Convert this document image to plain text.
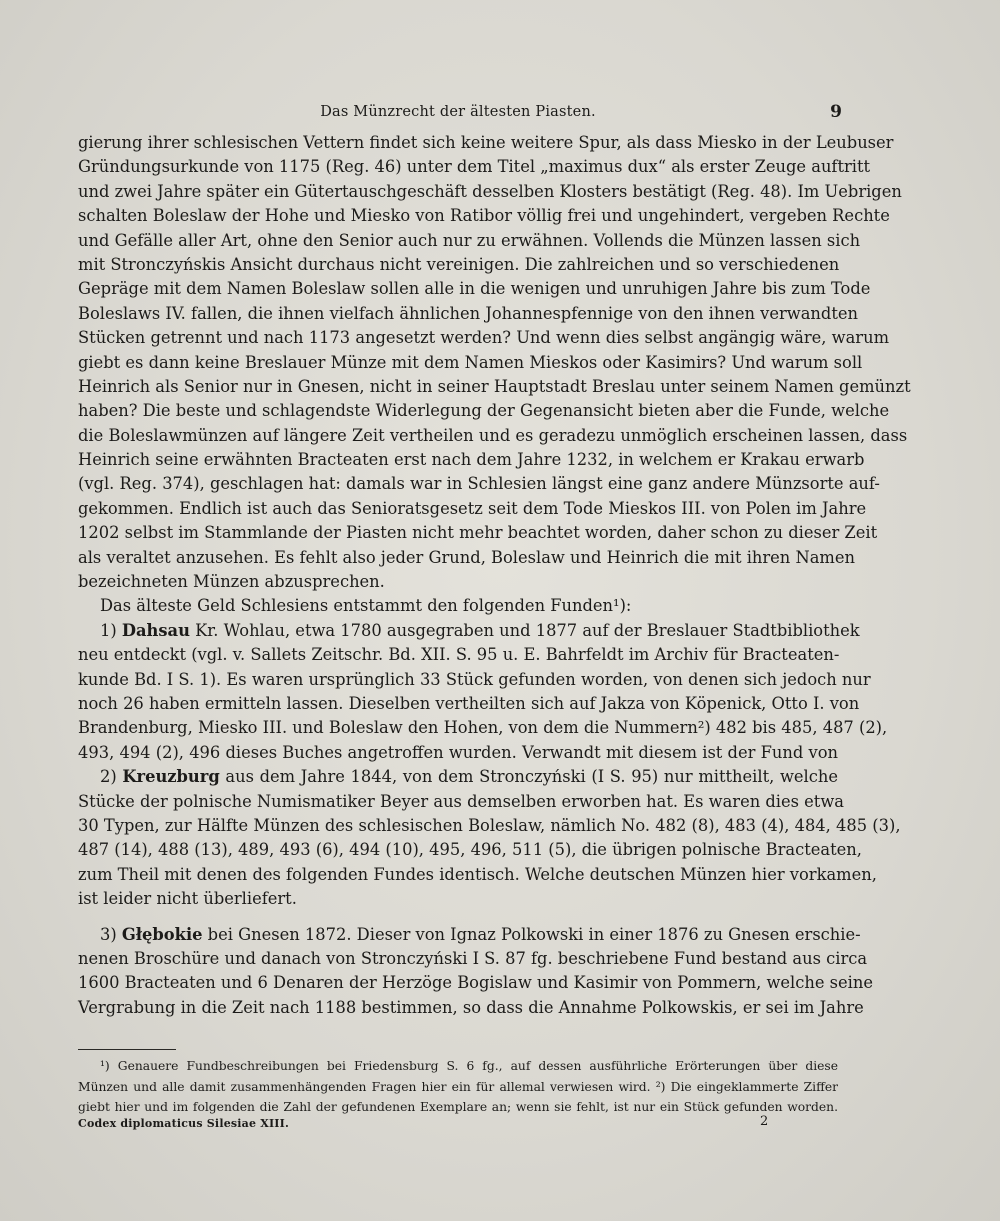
Das Münzrecht der ältesten Piasten.	9
gierung ihrer schlesischen Vettern findet sich keine weitere Spur, als dass Miesko in der Leubuser
Gründungsurkunde von 1175 (Reg. 46) unter dem Titel „maximus dux“ als erster Zeuge auftritt
und zwei Jahre später ein Gütertauschgeschäft desselben Klosters bestätigt (Reg. 48). Im Uebrigen
schalten Boleslaw der Hohe und Miesko von Ratibor völlig frei und ungehindert, vergeben Rechte
und Gefälle aller Art, ohne den Senior auch nur zu erwähnen. Vollends die Münzen lassen sich
mit Stronczyńskis Ansicht durchaus nicht vereinigen. Die zahlreichen und so verschiedenen
Gepräge mit dem Namen Boleslaw sollen alle in die wenigen und unruhigen Jahre bis zum Tode
Boleslaws IV. fallen, die ihnen vielfach ähnlichen Johannespfennige von den ihnen verwandten
Stücken getrennt und nach 1173 angesetzt werden? Und wenn dies selbst angängig wäre, warum
giebt es dann keine Breslauer Münze mit dem Namen Mieskos oder Kasimirs? Und warum soll
Heinrich als Senior nur in Gnesen, nicht in seiner Hauptstadt Breslau unter seinem Namen gemünzt
haben? Die beste und schlagendste Widerlegung der Gegenansicht bieten aber die Funde, welche
die Boleslawmünzen auf längere Zeit vertheilen und es geradezu unmöglich erscheinen lassen, dass
Heinrich seine erwähnten Bracteaten erst nach dem Jahre 1232, in welchem er Krakau erwarb
(vgl. Reg. 374), geschlagen hat: damals war in Schlesien längst eine ganz andere Münzsorte auf-
gekommen. Endlich ist auch das Senioratsgesetz seit dem Tode Mieskos III. von Polen im Jahre
1202 selbst im Stammlande der Piasten nicht mehr beachtet worden, daher schon zu dieser Zeit
als veraltet anzusehen. Es fehlt also jeder Grund, Boleslaw und Heinrich die mit ihren Namen
bezeichneten Münzen abzusprechen.
Das älteste Geld Schlesiens entstammt den folgenden Funden¹):
1) Dahsau Kr. Wohlau, etwa 1780 ausgegraben und 1877 auf der Breslauer Stadtbibliothek
neu entdeckt (vgl. v. Sallets Zeitschr. Bd. XII. S. 95 u. E. Bahrfeldt im Archiv für Bracteaten-
kunde Bd. I S. 1). Es waren ursprünglich 33 Stück gefunden worden, von denen sich jedoch nur
noch 26 haben ermitteln lassen. Dieselben vertheilten sich auf Jakza von Köpenick, Otto I. von
Brandenburg, Miesko III. und Boleslaw den Hohen, von dem die Nummern²) 482 bis 485, 487 (2),
493, 494 (2), 496 dieses Buches angetroffen wurden. Verwandt mit diesem ist der Fund von
2) Kreuzburg aus dem Jahre 1844, von dem Stronczyński (I S. 95) nur mittheilt, welche
Stücke der polnische Numismatiker Beyer aus demselben erworben hat. Es waren dies etwa
30 Typen, zur Hälfte Münzen des schlesischen Boleslaw, nämlich No. 482 (8), 483 (4), 484, 485 (3),
487 (14), 488 (13), 489, 493 (6), 494 (10), 495, 496, 511 (5), die übrigen polnische Bracteaten,
zum Theil mit denen des folgenden Fundes identisch. Welche deutschen Münzen hier vorkamen,
ist leider nicht überliefert.
3) Głębokie bei Gnesen 1872. Dieser von Ignaz Polkowski in einer 1876 zu Gnesen erschie-
nenen Broschüre und danach von Stronczyński I S. 87 fg. beschriebene Fund bestand aus circa
1600 Bracteaten und 6 Denaren der Herzöge Bogislaw und Kasimir von Pommern, welche seine
Vergrabung in die Zeit nach 1188 bestimmen, so dass die Annahme Polkowskis, er sei im Jahre
¹) Genauere Fundbeschreibungen bei Friedensburg S. 6 fg., auf dessen ausführliche Erörterungen über diese
Münzen und alle damit zusammenhängenden Fragen hier ein für allemal verwiesen wird. ²) Die eingeklammerte Ziffer
giebt hier und im folgenden die Zahl der gefundenen Exemplare an; wenn sie fehlt, ist nur ein Stück gefunden worden.
Codex diplomaticus Silesiae XIII.	2
